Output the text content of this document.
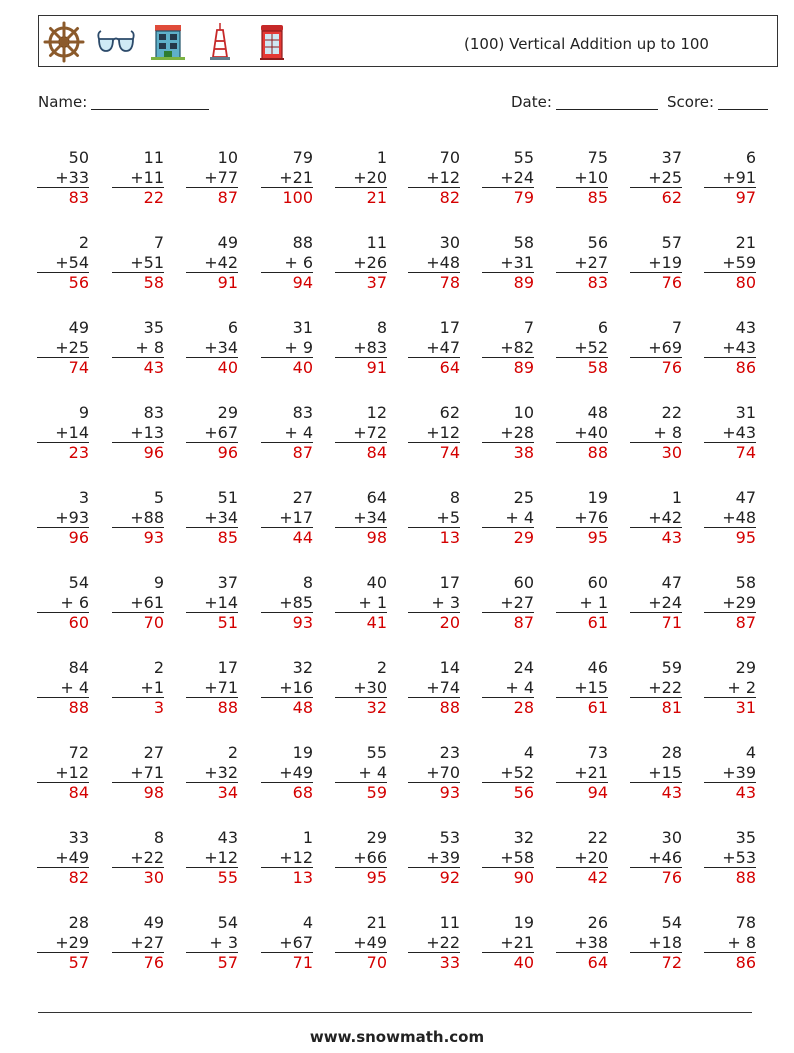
(100) Vertical Addition up to 100
Name:	Date:	Score:
50
+33
83
11
+11
22
10
+77
87
79
+21
100
1
+20
21
70
+12
82
55
+24
79
75
+10
85
37
+25
62
6
+91
97
2
+54
56
7
+51
58
49
+42
91
88
+ 6
94
11
+26
37
30
+48
78
58
+31
89
56
+27
83
57
+19
76
21
+59
80
49
+25
74
35
+ 8
43
6
+34
40
31
+ 9
40
8
+83
91
17
+47
64
7
+82
89
6
+52
58
7
+69
76
43
+43
86
9
+14
23
83
+13
96
29
+67
96
83
+ 4
87
12
+72
84
62
+12
74
10
+28
38
48
+40
88
22
+ 8
30
31
+43
74
3
+93
96
5
+88
93
51
+34
85
27
+17
44
64
+34
98
8
+5
13
25
+ 4
29
19
+76
95
1
+42
43
47
+48
95
54
+ 6
60
9
+61
70
37
+14
51
8
+85
93
40
+ 1
41
17
+ 3
20
60
+27
87
60
+ 1
61
47
+24
71
58
+29
87
84
+ 4
88
2
+1
3
17
+71
88
32
+16
48
2
+30
32
14
+74
88
24
+ 4
28
46
+15
61
59
+22
81
29
+ 2
31
72
+12
84
27
+71
98
2
+32
34
19
+49
68
55
+ 4
59
23
+70
93
4
+52
56
73
+21
94
28
+15
43
4
+39
43
33
+49
82
8
+22
30
43
+12
55
1
+12
13
29
+66
95
53
+39
92
32
+58
90
22
+20
42
30
+46
76
35
+53
88
28
+29
57
49
+27
76
54
+ 3
57
4
+67
71
21
+49
70
11
+22
33
19
+21
40
26
+38
64
54
+18
72
78
+ 8
86
www.snowmath.com
